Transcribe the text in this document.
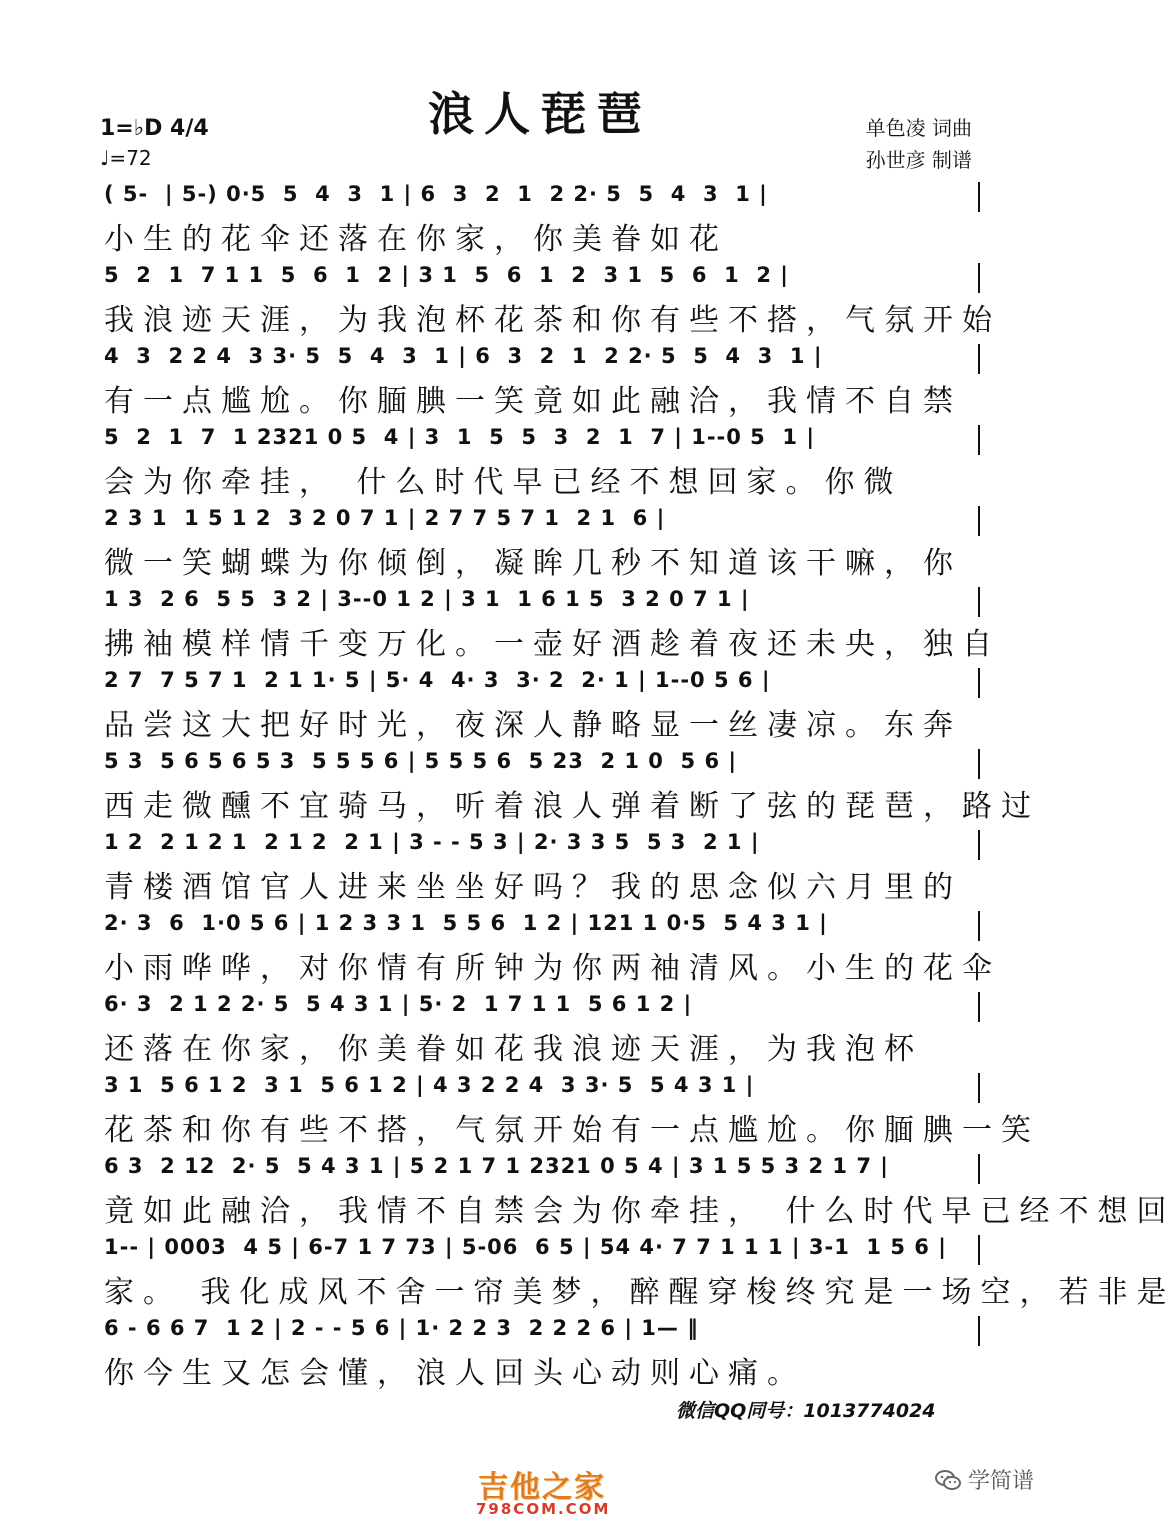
浪人琵琶
1=♭D 4/4
♩=72
单色凌 词曲
孙世彦 制谱
( 5-  | 5-) 0·5  5  4  3  1 | 6  3  2  1  2 2· 5  5  4  3  1 |
小生的花伞还落在你家，你美眷如花
5  2  1  7 1 1  5  6  1  2 | 3 1  5  6  1  2  3 1  5  6  1  2 |
我浪迹天涯，为我泡杯花茶和你有些不搭，气氛开始
4  3  2 2 4  3 3· 5  5  4  3  1 | 6  3  2  1  2 2· 5  5  4  3  1 |
有一点尴尬。你腼腆一笑竟如此融洽，我情不自禁
5  2  1  7  1 2321 0 5  4 | 3  1  5  5  3  2  1  7 | 1--0 5  1 |
会为你牵挂， 什么时代早已经不想回家。你微
2 3 1  1 5 1 2  3 2 0 7 1 | 2 7 7 5 7 1  2 1  6 |
微一笑蝴蝶为你倾倒，凝眸几秒不知道该干嘛，你
1 3  2 6  5 5  3 2 | 3--0 1 2 | 3 1  1 6 1 5  3 2 0 7 1 |
拂袖模样情千变万化。一壶好酒趁着夜还未央，独自
2 7  7 5 7 1  2 1 1· 5 | 5· 4  4· 3  3· 2  2· 1 | 1--0 5 6 |
品尝这大把好时光，夜深人静略显一丝凄凉。东奔
5 3  5 6 5 6 5 3  5 5 5 6 | 5 5 5 6  5 23  2 1 0  5 6 |
西走微醺不宜骑马，听着浪人弹着断了弦的琵琶，路过
1 2  2 1 2 1  2 1 2  2 1 | 3 - - 5 3 | 2· 3 3 5  5 3  2 1 |
青楼酒馆官人进来坐坐好吗？我的思念似六月里的
2· 3  6  1·0 5 6 | 1 2 3 3 1  5 5 6  1 2 | 121 1 0·5  5 4 3 1 |
小雨哗哗，对你情有所钟为你两袖清风。小生的花伞
6· 3  2 1 2 2· 5  5 4 3 1 | 5· 2  1 7 1 1  5 6 1 2 |
还落在你家，你美眷如花我浪迹天涯，为我泡杯
3 1  5 6 1 2  3 1  5 6 1 2 | 4 3 2 2 4  3 3· 5  5 4 3 1 |
花茶和你有些不搭，气氛开始有一点尴尬。你腼腆一笑
6 3  2 12  2· 5  5 4 3 1 | 5 2 1 7 1 2321 0 5 4 | 3 1 5 5 3 2 1 7 |
竟如此融洽，我情不自禁会为你牵挂， 什么时代早已经不想回
1-- | 0003  4 5 | 6-7 1 7 73 | 5-06  6 5 | 54 4· 7 7 1 1 1 | 3-1  1 5 6 |
家。 我化成风不舍一帘美梦，醉醒穿梭终究是一场空，若非是
6 - 6 6 7  1 2 | 2 - - 5 6 | 1· 2 2 3  2 2 2 6 | 1— ‖
你今生又怎会懂，浪人回头心动则心痛。
微信QQ同号：1013774024
吉他之家
798COM.COM
学简谱
